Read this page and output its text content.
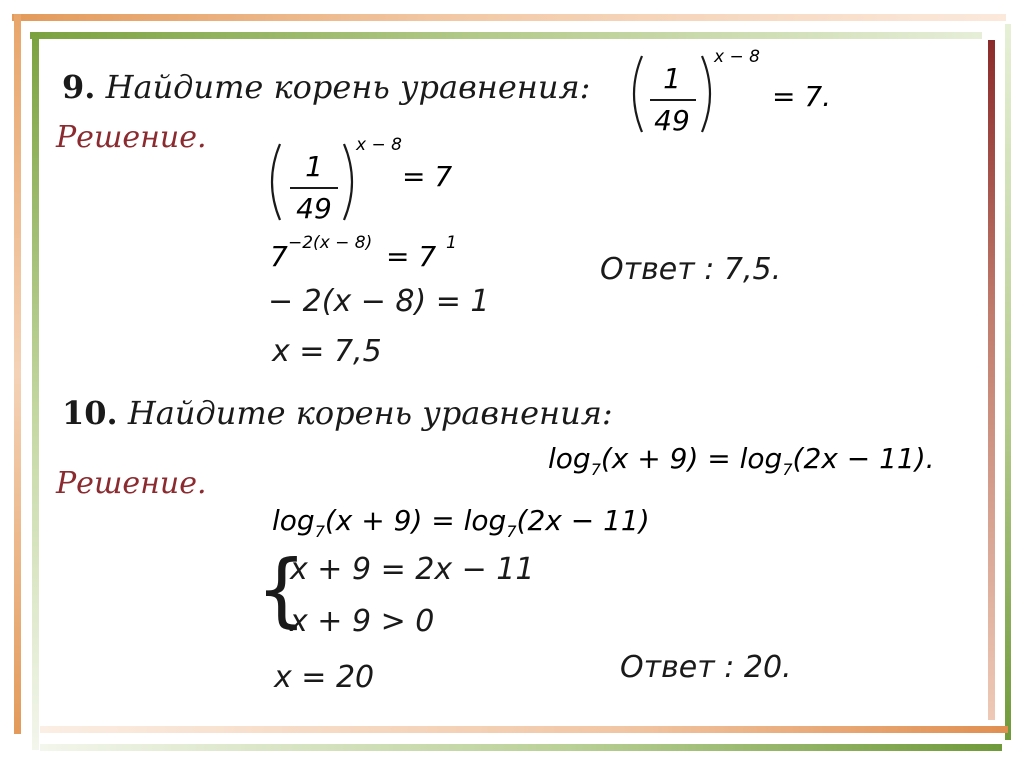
9. Найдите корень уравнения:	1
49
x − 8
= 7.
Решение.
1
49
x − 8
= 7
7 −2(x − 8) = 7 1
− 2(x − 8) = 1
x = 7,5
Ответ : 7,5.
10. Найдите корень уравнения:
$\log_7(x + 9) = \log_7(2x - 11)$.
Решение.
$\log_7(x + 9) = \log_7(2x - 11)$
{
x + 9 = 2x − 11
x + 9 > 0
x = 20	Ответ : 20.
